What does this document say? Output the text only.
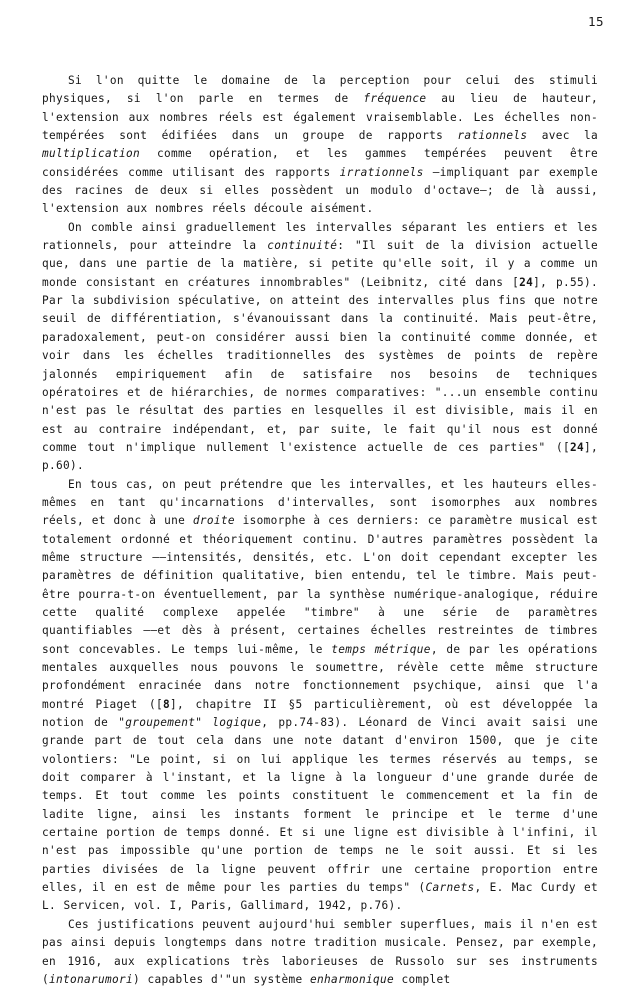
15

Si l'on quitte le domaine de la perception pour celui des stimuli physiques, si l'on parle en termes de fréquence au lieu de hauteur, l'extension aux nombres réels est également vraisemblable. Les échelles non-tempérées sont édifiées dans un groupe de rapports rationnels avec la multiplication comme opération, et les gammes tempérées peuvent être considérées comme utilisant des rapports irrationnels —impliquant par exemple des racines de deux si elles possèdent un modulo d'octave—; de là aussi, l'extension aux nombres réels découle aisément.

On comble ainsi graduellement les intervalles séparant les entiers et les rationnels, pour atteindre la continuité: "Il suit de la division actuelle que, dans une partie de la matière, si petite qu'elle soit, il y a comme un monde consistant en créatures innombrables" (Leibnitz, cité dans [24], p.55). Par la subdivision spéculative, on atteint des intervalles plus fins que notre seuil de différentiation, s'évanouissant dans la continuité. Mais peut-être, paradoxalement, peut-on considérer aussi bien la continuité comme donnée, et voir dans les échelles traditionnelles des systèmes de points de repère jalonnés empiriquement afin de satisfaire nos besoins de techniques opératoires et de hiérarchies, de normes comparatives: "...un ensemble continu n'est pas le résultat des parties en lesquelles il est divisible, mais il en est au contraire indépendant, et, par suite, le fait qu'il nous est donné comme tout n'implique nullement l'existence actuelle de ces parties" ([24], p.60).

En tous cas, on peut prétendre que les intervalles, et les hauteurs elles-mêmes en tant qu'incarnations d'intervalles, sont isomorphes aux nombres réels, et donc à une droite isomorphe à ces derniers: ce paramètre musical est totalement ordonné et théoriquement continu. D'autres paramètres possèdent la même structure ——intensités, densités, etc. L'on doit cependant excepter les paramètres de définition qualitative, bien entendu, tel le timbre. Mais peut-être pourra-t-on éventuellement, par la synthèse numérique-analogique, réduire cette qualité complexe appelée "timbre" à une série de paramètres quantifiables ——et dès à présent, certaines échelles restreintes de timbres sont concevables. Le temps lui-même, le temps métrique, de par les opérations mentales auxquelles nous pouvons le soumettre, révèle cette même structure profondément enracinée dans notre fonctionnement psychique, ainsi que l'a montré Piaget ([8], chapitre II §5 particulièrement, où est développée la notion de "groupement" logique, pp.74-83). Léonard de Vinci avait saisi une grande part de tout cela dans une note datant d'environ 1500, que je cite volontiers: "Le point, si on lui applique les termes réservés au temps, se doit comparer à l'instant, et la ligne à la longueur d'une grande durée de temps. Et tout comme les points constituent le commencement et la fin de ladite ligne, ainsi les instants forment le principe et le terme d'une certaine portion de temps donné. Et si une ligne est divisible à l'infini, il n'est pas impossible qu'une portion de temps ne le soit aussi. Et si les parties divisées de la ligne peuvent offrir une certaine proportion entre elles, il en est de même pour les parties du temps" (Carnets, E. Mac Curdy et L. Servicen, vol. I, Paris, Gallimard, 1942, p.76).

Ces justifications peuvent aujourd'hui sembler superflues, mais il n'en est pas ainsi depuis longtemps dans notre tradition musicale. Pensez, par exemple, en 1916, aux explications très laborieuses de Russolo sur ses instruments (intonarumori) capables d'"un système enharmonique complet
